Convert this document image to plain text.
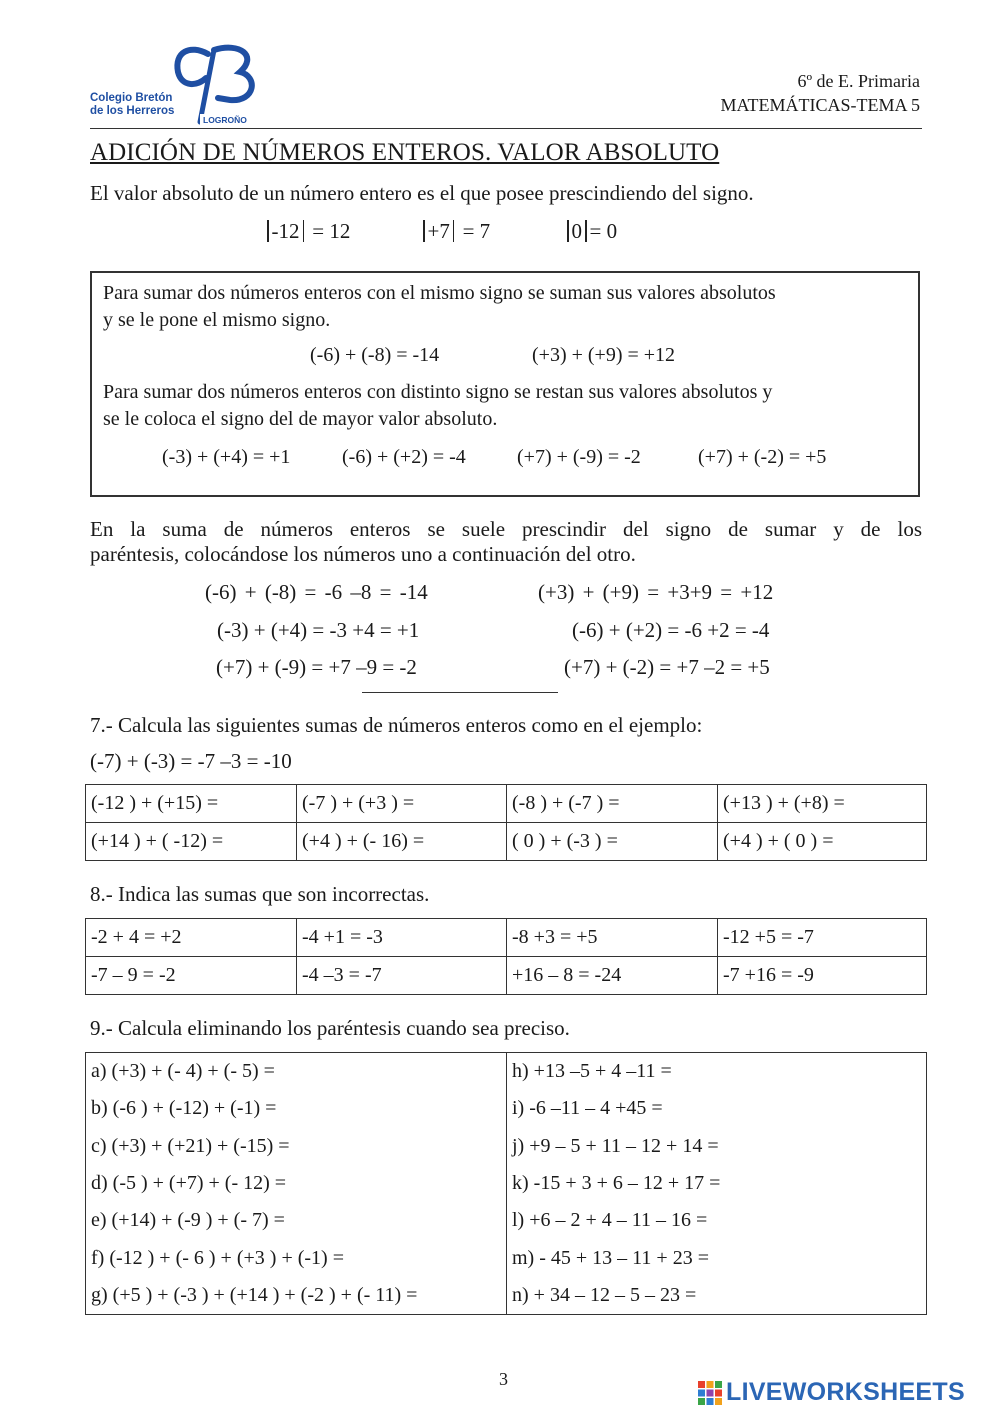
Colegio Bretón
de los Herreros
LOGROÑO
6º de E. Primaria
MATEMÁTICAS-TEMA 5
ADICIÓN DE NÚMEROS ENTEROS. VALOR ABSOLUTO
El valor absoluto de un número entero es el que posee prescindiendo del signo.
-12 = 12	+7 = 7	0 = 0
Para sumar dos números enteros con el mismo signo se suman sus valores absolutos
y se le pone el mismo signo.
(-6) + (-8) = -14	(+3) + (+9) = +12
Para sumar dos números enteros con distinto signo se restan sus valores absolutos y
se le coloca el signo del de mayor valor absoluto.
(-3) + (+4) = +1	(-6) + (+2) = -4	(+7) + (-9) = -2	(+7) + (-2) = +5
En la suma de números enteros se suele prescindir del signo de sumar y de los
paréntesis, colocándose los números uno a continuación del otro.
(-6) + (-8) = -6 –8 = -14	(+3) + (+9) = +3+9 = +12
(-3) + (+4) = -3 +4 = +1	(-6) + (+2) = -6 +2 = -4
(+7) + (-9) = +7 –9 = -2	(+7) + (-2) = +7 –2 = +5
7.- Calcula las siguientes sumas de números enteros como en el ejemplo:
(-7) + (-3) = -7 –3 = -10
(-12 ) + (+15) =	(-7 ) + (+3 ) =	(-8 ) + (-7 ) =	(+13 ) + (+8) =
(+14 ) + ( -12) =	(+4 ) + (- 16) =	( 0 ) + (-3 ) =	(+4 ) + ( 0 ) =
8.- Indica las sumas que son incorrectas.
-2 + 4 = +2	-4 +1 = -3	-8 +3 = +5	-12 +5 = -7
-7 – 9 = -2	-4 –3 = -7	+16 – 8 = -24	-7 +16 = -9
9.- Calcula eliminando los paréntesis cuando sea preciso.
a) (+3) + (- 4) + (- 5) =	h) +13 –5 + 4 –11 =
b) (-6 ) + (-12) + (-1) =	i) -6 –11 – 4 +45 =
c) (+3) + (+21) + (-15) =	j) +9 – 5 + 11 – 12 + 14 =
d) (-5 ) + (+7) + (- 12) =	k) -15 + 3 + 6 – 12 + 17 =
e) (+14) + (-9 ) + (- 7) =	l) +6 – 2 + 4 – 11 – 16 =
f) (-12 ) + (- 6 ) + (+3 ) + (-1) =	m) - 45 + 13 – 11 + 23 =
g) (+5 ) + (-3 ) + (+14 ) + (-2 ) + (- 11) =	n) + 34 – 12 – 5 – 23 =
3	LIVEWORKSHEETS
